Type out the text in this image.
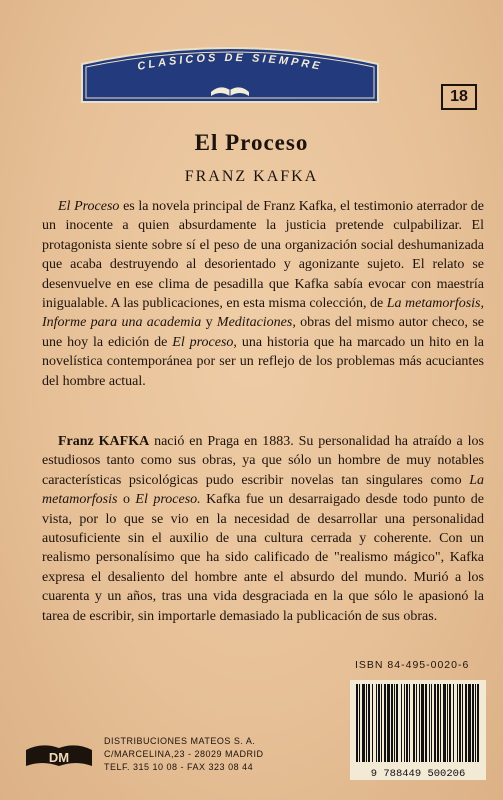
CLASICOS DE SIEMPRE
18
El Proceso
FRANZ KAFKA

El Proceso es la novela principal de Franz Kafka, el testimonio aterrador de un inocente a quien absurdamente la justicia pretende culpabilizar. El protagonista siente sobre sí el peso de una organización social deshumanizada que acaba destruyendo al desorientado y agonizante sujeto. El relato se desenvuelve en ese clima de pesadilla que Kafka sabía evocar con maestría inigualable. A las publicaciones, en esta misma colección, de La metamorfosis, Informe para una academia y Meditaciones, obras del mismo autor checo, se une hoy la edición de El proceso, una historia que ha marcado un hito en la novelística contemporánea por ser un reflejo de los problemas más acuciantes del hombre actual.

Franz KAFKA nació en Praga en 1883. Su personalidad ha atraído a los estudiosos tanto como sus obras, ya que sólo un hombre de muy notables características psicológicas pudo escribir novelas tan singulares como La metamorfosis o El proceso. Kafka fue un desarraigado desde todo punto de vista, por lo que se vio en la necesidad de desarrollar una personalidad autosuficiente sin el auxilio de una cultura cerrada y coherente. Con un realismo personalísimo que ha sido calificado de "realismo mágico", Kafka expresa el desaliento del hombre ante el absurdo del mundo. Murió a los cuarenta y un años, tras una vida desgraciada en la que sólo le apasionó la tarea de escribir, sin importarle demasiado la publicación de sus obras.

ISBN 84-495-0020-6
9 788449 500206
DM
DISTRIBUCIONES MATEOS S. A.
C/MARCELINA,23 - 28029 MADRID
TELF. 315 10 08 - FAX 323 08 44
